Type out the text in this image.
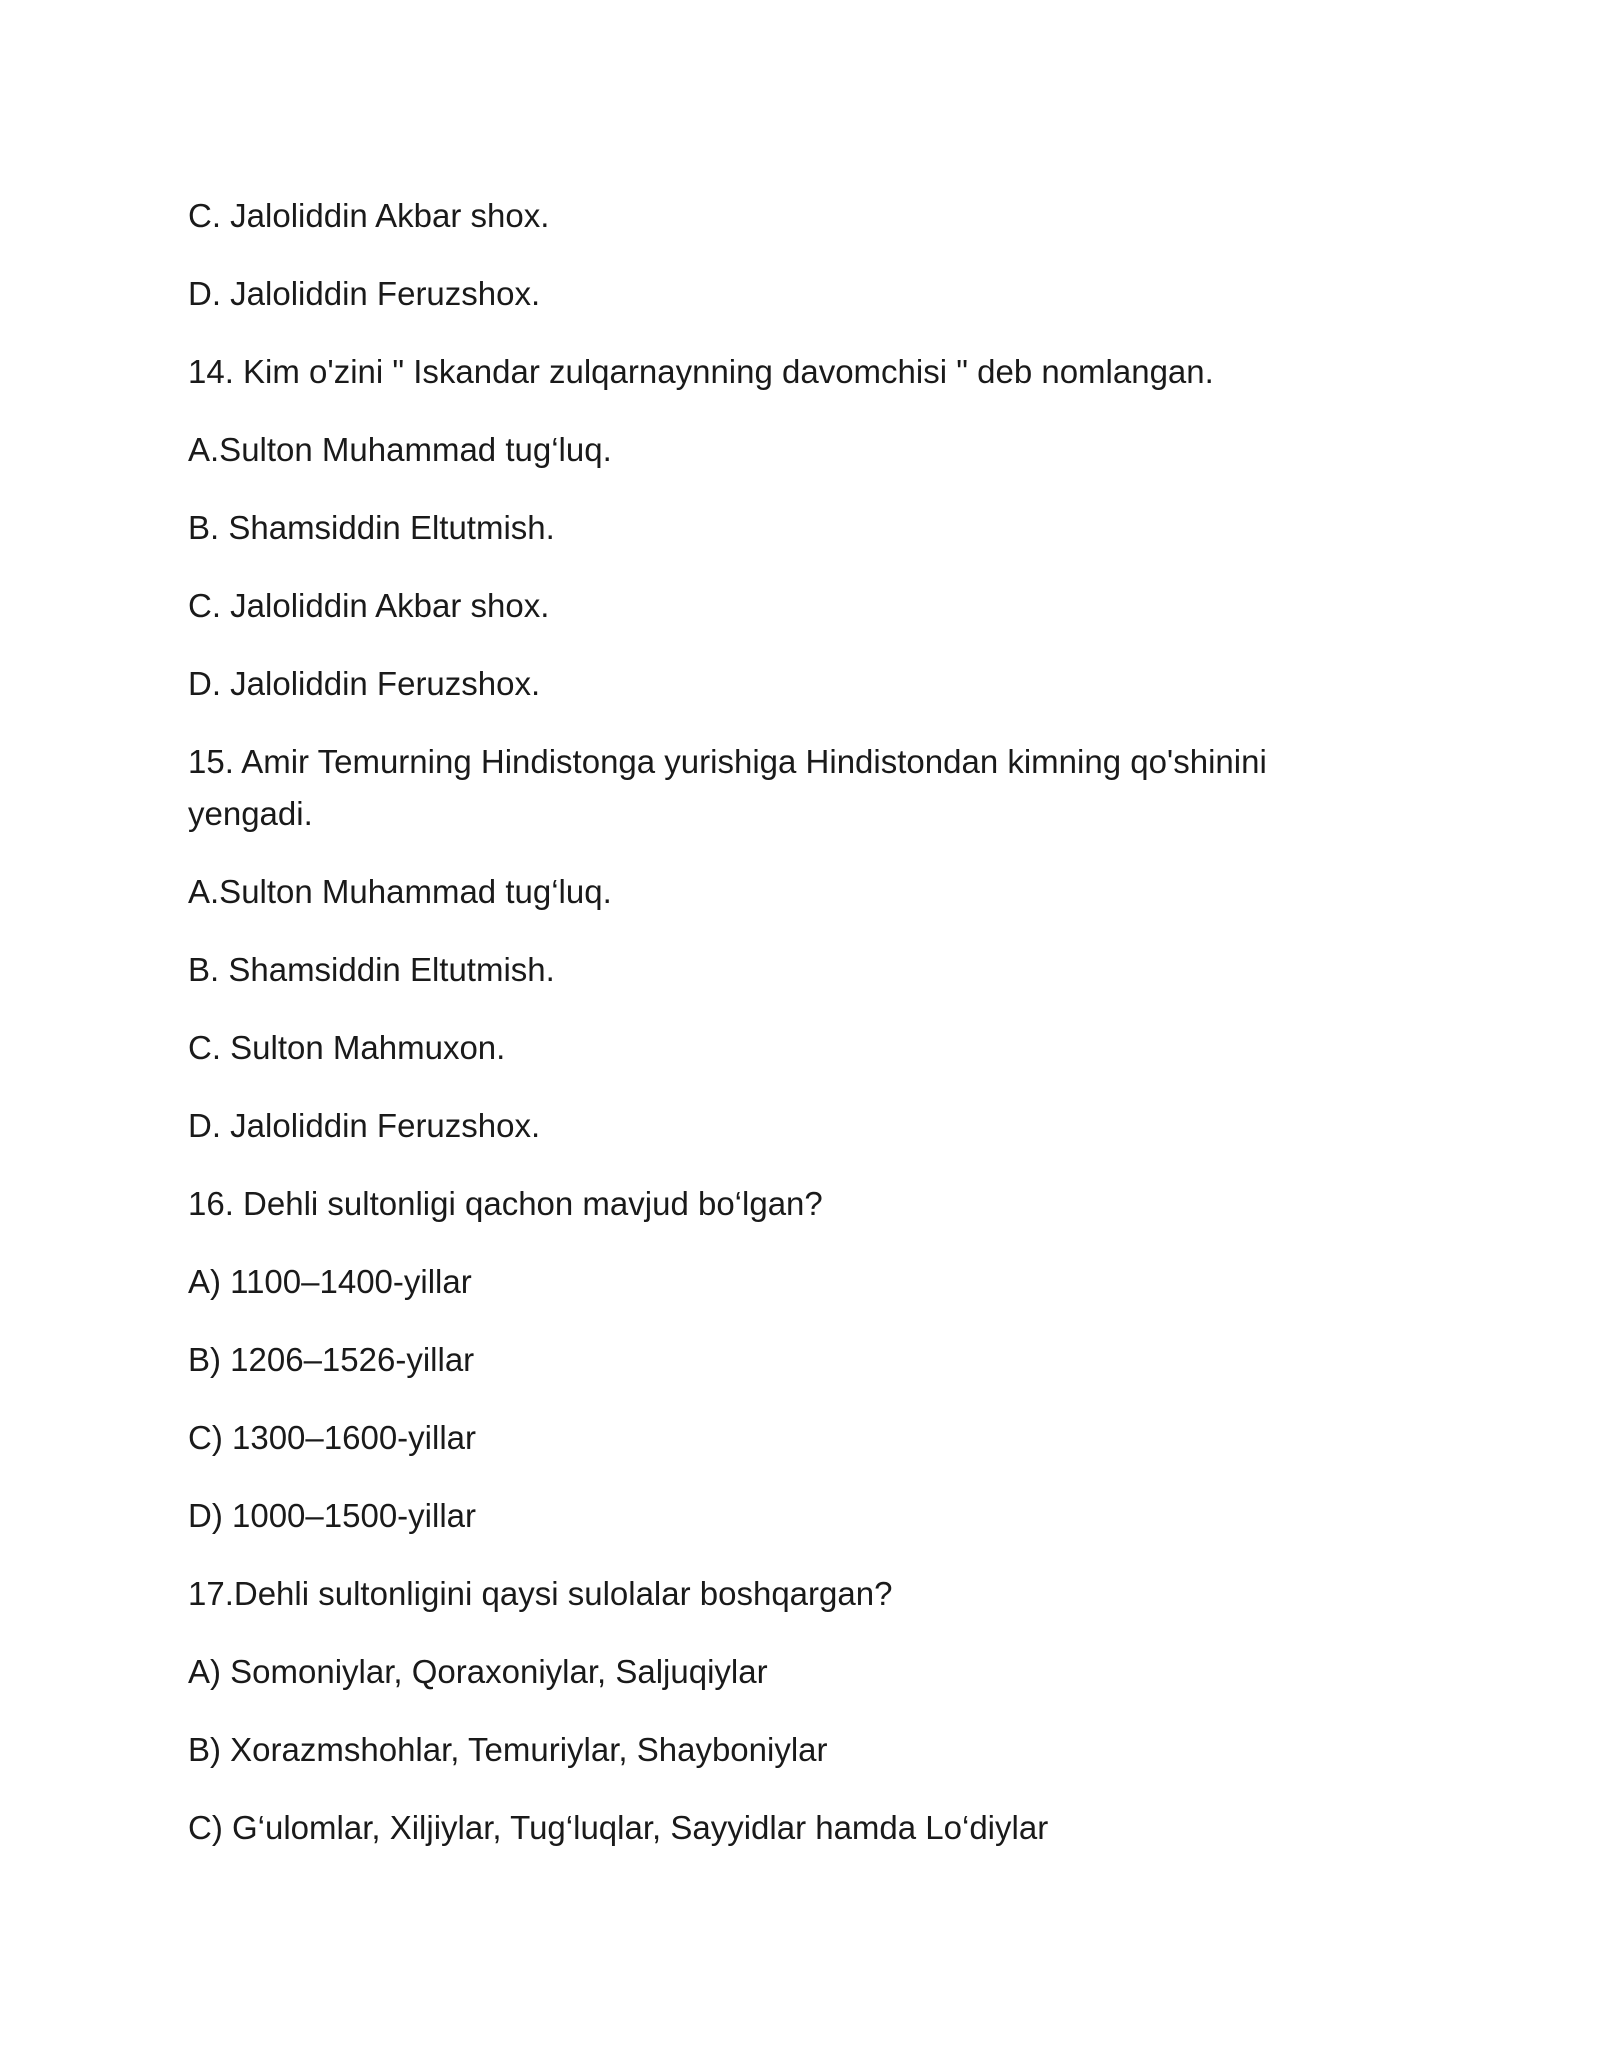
C. Jaloliddin Akbar shox.

D. Jaloliddin Feruzshox.

14. Kim o'zini " Iskandar zulqarnaynning davomchisi " deb nomlangan.

A.Sulton Muhammad tug‘luq.

B. Shamsiddin Eltutmish.

C. Jaloliddin Akbar shox.

D. Jaloliddin Feruzshox.

15. Amir Temurning Hindistonga yurishiga Hindistondan kimning qo'shinini yengadi.

A.Sulton Muhammad tug‘luq.

B. Shamsiddin Eltutmish.

C. Sulton Mahmuxon.

D. Jaloliddin Feruzshox.

16. Dehli sultonligi qachon mavjud bo‘lgan?

A) 1100–1400-yillar

B) 1206–1526-yillar

C) 1300–1600-yillar

D) 1000–1500-yillar

17.Dehli sultonligini qaysi sulolalar boshqargan?

A) Somoniylar, Qoraxoniylar, Saljuqiylar

B) Xorazmshohlar, Temuriylar, Shayboniylar

C) G‘ulomlar, Xiljiylar, Tug‘luqlar, Sayyidlar hamda Lo‘diylar
